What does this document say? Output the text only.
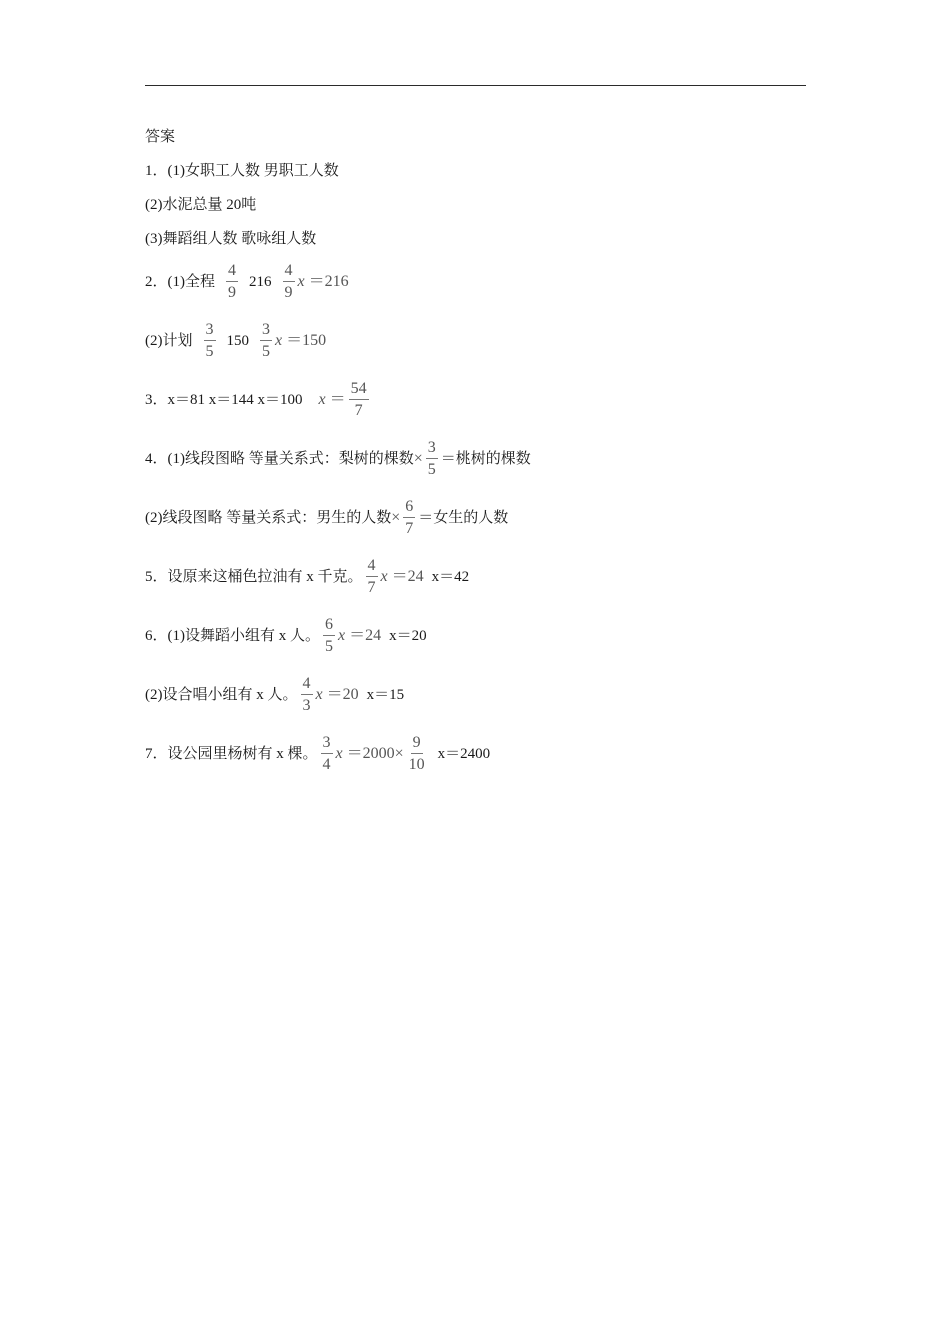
答案
1．(1)女职工人数 男职工人数
(2)水泥总量 20吨
(3)舞蹈组人数 歌咏组人数
2．(1)全程 $\frac{4}{9} 216 \frac{4}{9}$ x ＝216
(2)计划 $\frac{3}{5} 150 \frac{3}{5}$ x ＝150
3．x＝81 x＝144 x＝100 $x = \frac{54}{7}$
4．(1)线段图略 等量关系式：梨树的棵数 × $\frac{3}{5}$ ＝桃树的棵数
(2)线段图略 等量关系式：男生的人数 × $\frac{6}{7}$ ＝女生的人数
5．设原来这桶色拉油有 x 千克。 $\frac{4}{7}$ x ＝24 x＝42
6．(1)设舞蹈小组有 x 人。 $\frac{6}{5}$ x ＝24 x＝20
(2)设合唱小组有 x 人。 $\frac{4}{3}$ x ＝20 x＝15
7．设公园里杨树有 x 棵。 $\frac{3}{4}$ $x =2000\times \frac{9}{10} x=2400$
